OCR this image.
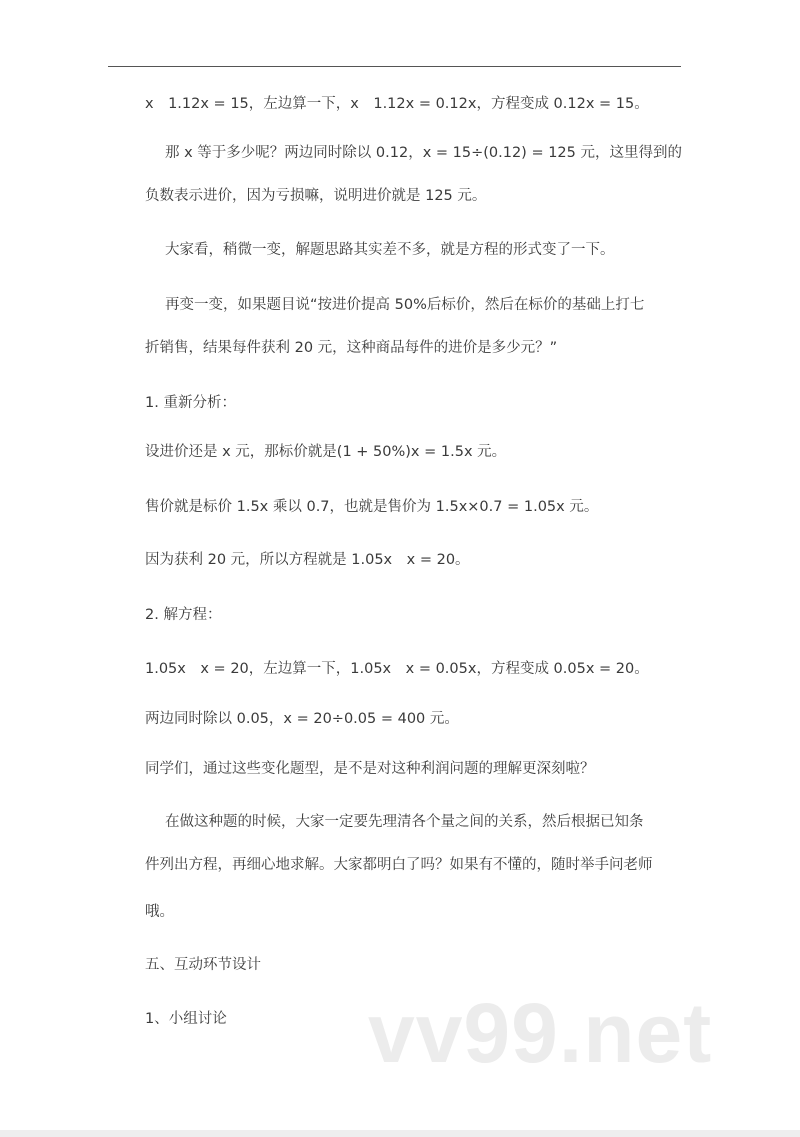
x　1.12x = 15，左边算一下，x　1.12x = 0.12x，方程变成 0.12x = 15。
那 x 等于多少呢？两边同时除以 0.12，x = 15÷(0.12) = 125 元，这里得到的
负数表示进价，因为亏损嘛，说明进价就是 125 元。
大家看，稍微一变，解题思路其实差不多，就是方程的形式变了一下。
再变一变，如果题目说“按进价提高 50%后标价，然后在标价的基础上打七
折销售，结果每件获利 20 元，这种商品每件的进价是多少元？”
1. 重新分析：
设进价还是 x 元，那标价就是(1 + 50%)x = 1.5x 元。
售价就是标价 1.5x 乘以 0.7，也就是售价为 1.5x×0.7 = 1.05x 元。
因为获利 20 元，所以方程就是 1.05x　x = 20。
2. 解方程：
1.05x　x = 20，左边算一下，1.05x　x = 0.05x，方程变成 0.05x = 20。
两边同时除以 0.05，x = 20÷0.05 = 400 元。
同学们，通过这些变化题型，是不是对这种利润问题的理解更深刻啦？
在做这种题的时候，大家一定要先理清各个量之间的关系，然后根据已知条
件列出方程，再细心地求解。大家都明白了吗？如果有不懂的，随时举手问老师
哦。
五、互动环节设计
1、小组讨论 vv99.net
